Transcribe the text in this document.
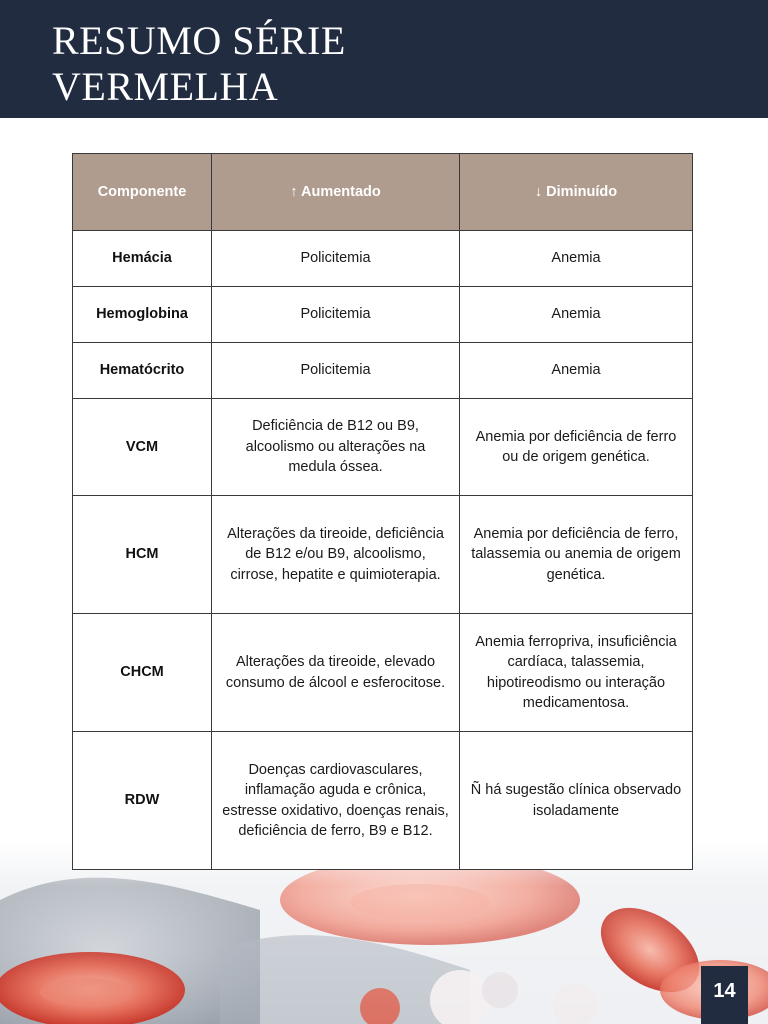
RESUMO SÉRIE
VERMELHA
Componente	↑ Aumentado	↓ Diminuído
Hemácia	Policitemia	Anemia
Hemoglobina	Policitemia	Anemia
Hematócrito	Policitemia	Anemia
VCM	Deficiência de B12 ou B9, alcoolismo ou alterações na medula óssea.	Anemia por deficiência de ferro ou de origem genética.
HCM	Alterações da tireoide, deficiência de B12 e/ou B9, alcoolismo, cirrose, hepatite e quimioterapia.	Anemia por deficiência de ferro, talassemia ou anemia de origem genética.
CHCM	Alterações da tireoide, elevado consumo de álcool e esferocitose.	Anemia ferropriva, insuficiência cardíaca, talassemia, hipotireodismo ou interação medicamentosa.
RDW	Doenças cardiovasculares, inflamação aguda e crônica, estresse oxidativo, doenças renais, deficiência de ferro, B9 e B12.	Ñ há sugestão clínica observado isoladamente
14
